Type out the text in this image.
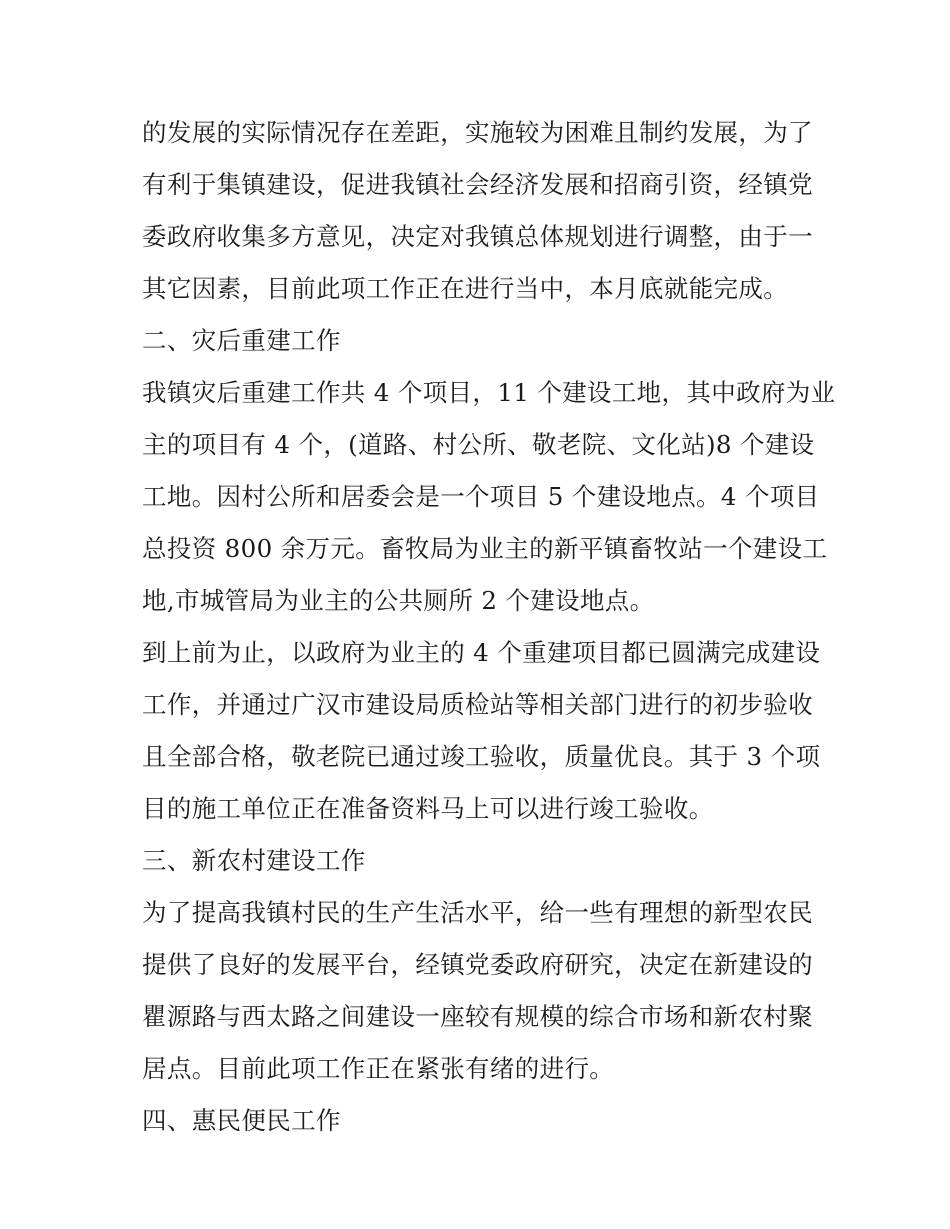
的发展的实际情况存在差距，实施较为困难且制约发展，为了
有利于集镇建设，促进我镇社会经济发展和招商引资，经镇党
委政府收集多方意见，决定对我镇总体规划进行调整，由于一
其它因素，目前此项工作正在进行当中，本月底就能完成。
二、灾后重建工作
我镇灾后重建工作共 4 个项目，11 个建设工地，其中政府为业
主的项目有 4 个，(道路、村公所、敬老院、文化站)8 个建设
工地。因村公所和居委会是一个项目 5 个建设地点。4 个项目
总投资 800 余万元。畜牧局为业主的新平镇畜牧站一个建设工
地,市城管局为业主的公共厕所 2 个建设地点。
到上前为止，以政府为业主的 4 个重建项目都已圆满完成建设
工作，并通过广汉市建设局质检站等相关部门进行的初步验收
且全部合格，敬老院已通过竣工验收，质量优良。其于 3 个项
目的施工单位正在准备资料马上可以进行竣工验收。
三、新农村建设工作
为了提高我镇村民的生产生活水平，给一些有理想的新型农民
提供了良好的发展平台，经镇党委政府研究，决定在新建设的
瞿源路与西太路之间建设一座较有规模的综合市场和新农村聚
居点。目前此项工作正在紧张有绪的进行。
四、惠民便民工作
